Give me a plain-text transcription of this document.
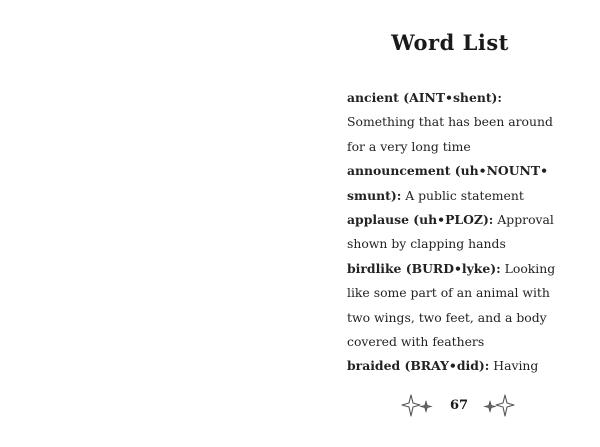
Word List
ancient (AINT•shent):
Something that has been around for a very long time
announcement (uh•NOUNT• smunt): A public statement
applause (uh•PLOZ): Approval shown by clapping hands
birdlike (BURD•lyke): Looking like some part of an animal with two wings, two feet, and a body covered with feathers
braided (BRAY•did): Having
67
